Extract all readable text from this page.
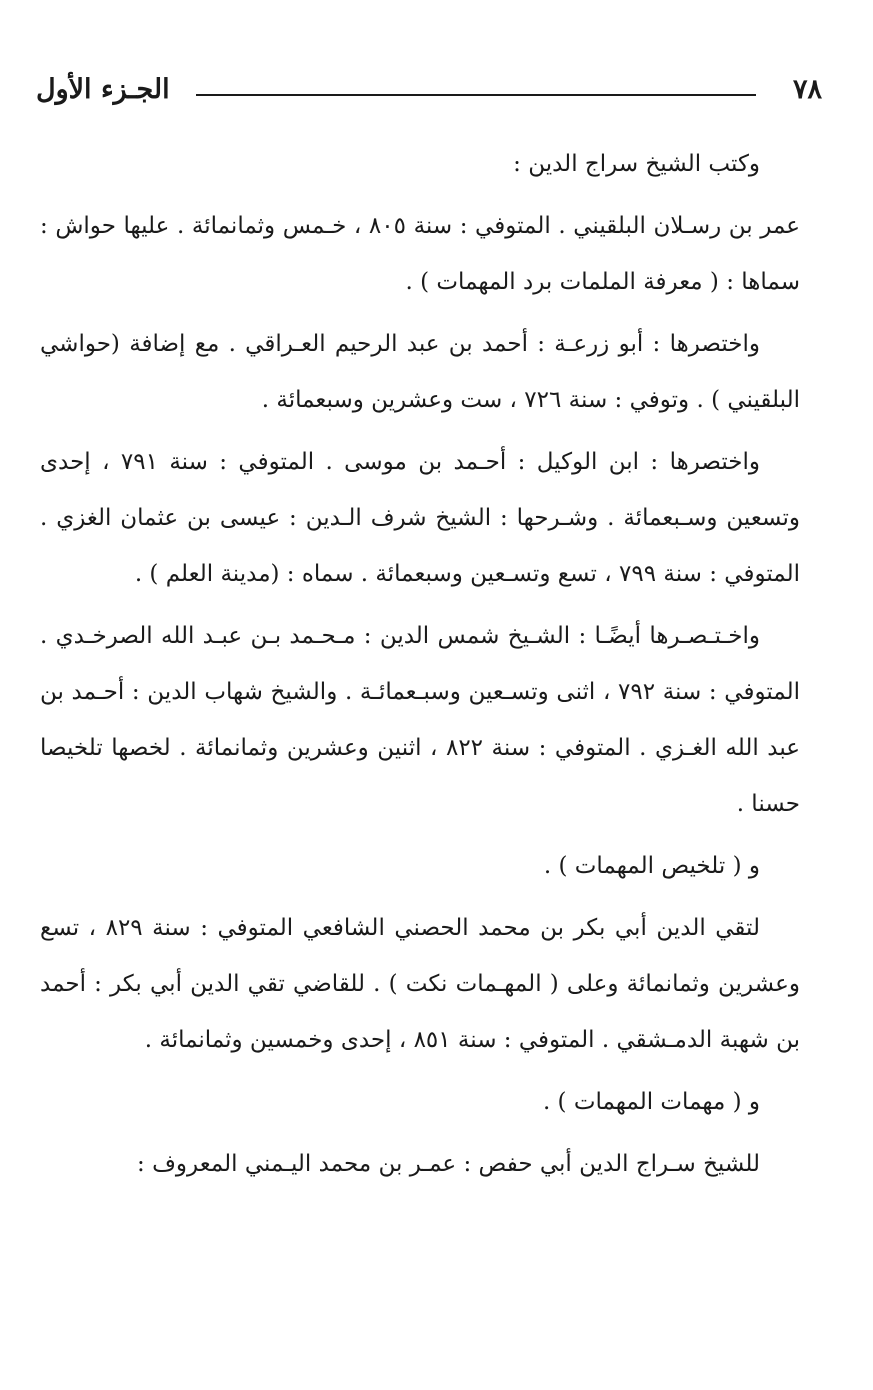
الجـزء الأول	٧٨

وكتب الشيخ سراج الدين :

عمر بن رسـلان البلقيني . المتوفي : سنة ٨٠٥ ، خـمس وثمانمائة . عليها حواش : سماها : ( معرفة الملمات برد المهمات ) .

واختصرها : أبو زرعـة : أحمد بن عبد الرحيم العـراقي . مع إضافة (حواشي البلقيني ) . وتوفي : سنة ٧٢٦ ، ست وعشرين وسبعمائة .

واختصرها : ابن الوكيل : أحـمد بن موسى . المتوفي : سنة ٧٩١ ، إحدى وتسعين وسـبعمائة . وشـرحها : الشيخ شرف الـدين : عيسى بن عثمان الغزي . المتوفي : سنة ٧٩٩ ، تسع وتسـعين وسبعمائة . سماه : (مدينة العلم ) .

واخـتـصـرها أيضًـا : الشـيخ شمس الدين : مـحـمد بـن عبـد الله الصرخـدي . المتوفي : سنة ٧٩٢ ، اثنى وتسـعين وسبـعمائـة . والشيخ شهاب الدين : أحـمد بن عبد الله الغـزي . المتوفي : سنة ٨٢٢ ، اثنين وعشرين وثمانمائة . لخصها تلخيصا حسنا .

و ( تلخيص المهمات ) .

لتقي الدين أبي بكر بن محمد الحصني الشافعي المتوفي : سنة ٨٢٩ ، تسع وعشرين وثمانمائة وعلى ( المهـمات نكت ) . للقاضي تقي الدين أبي بكر : أحمد بن شهبة الدمـشقي . المتوفي : سنة ٨٥١ ، إحدى وخمسين وثمانمائة .

و ( مهمات المهمات ) .

للشيخ سـراج الدين أبي حفص : عمـر بن محمد اليـمني المعروف :
